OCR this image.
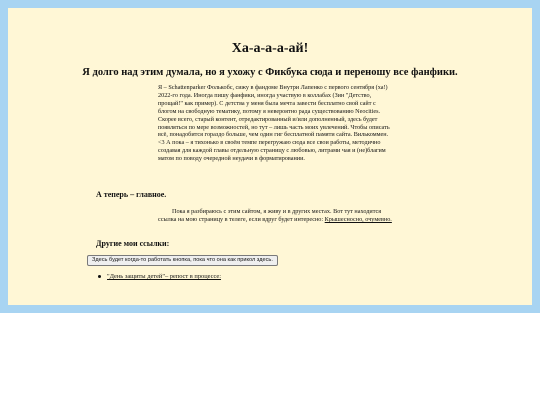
Ха-а-а-а-ай!
Я долго над этим думала, но я ухожу с Фикбука сюда и переношу все фанфики.

Я – Schattenparker Фолькобс, сижу в фандоме Внутри Лапенко с первого сентября (ха!) 2022-го года. Иногда пишу фанфики, иногда участвую в коллабах (Зин "Детство, прощай!" как пример). С детства у меня была мечта завести бесплатно свой сайт с блогом на свободную тематику, потому я невероятно рада существованию Neocities. Скорее всего, старый контент, отредактированный и/или дополненный, здесь будет появляться по мере возможностей, но тут – лишь часть моих увлечений. Чтобы описать всё, понадобится гораздо больше, чем один гиг бесплатной памяти сайта. Вилькоммен. <3 А пока – я тихонько в своём темпе перегружаю сюда все свои работы, методично создавая для каждой главы отдельную страницу с любовью, литрами чая и (не)благим матом по поводу очередной неудачи в форматировании.

А теперь – главное.

Пока я разбираюсь с этим сайтом, я живу и в других местах. Вот тут находится ссылка на мою страницу в телеге, если вдруг будет интересно: Крышесносно, очумевно.

Другие мои ссылки:
Здесь будет когда-то работать кнопка, пока что она как прикол здесь.
"День защиты детей" – репост в процессе:
